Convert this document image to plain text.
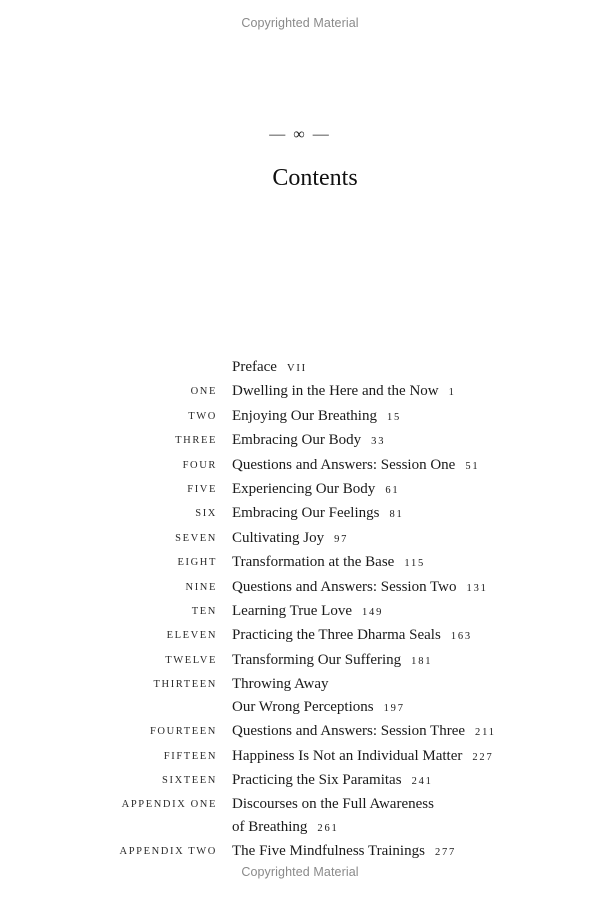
Copyrighted Material
— ∞ —
Contents
Preface VII
ONE Dwelling in the Here and the Now 1
TWO Enjoying Our Breathing 15
THREE Embracing Our Body 33
FOUR Questions and Answers: Session One 51
FIVE Experiencing Our Body 61
SIX Embracing Our Feelings 81
SEVEN Cultivating Joy 97
EIGHT Transformation at the Base 115
NINE Questions and Answers: Session Two 131
TEN Learning True Love 149
ELEVEN Practicing the Three Dharma Seals 163
TWELVE Transforming Our Suffering 181
THIRTEEN Throwing Away
Our Wrong Perceptions 197
FOURTEEN Questions and Answers: Session Three 211
FIFTEEN Happiness Is Not an Individual Matter 227
SIXTEEN Practicing the Six Paramitas 241
APPENDIX ONE Discourses on the Full Awareness
of Breathing 261
APPENDIX TWO The Five Mindfulness Trainings 277
Copyrighted Material
